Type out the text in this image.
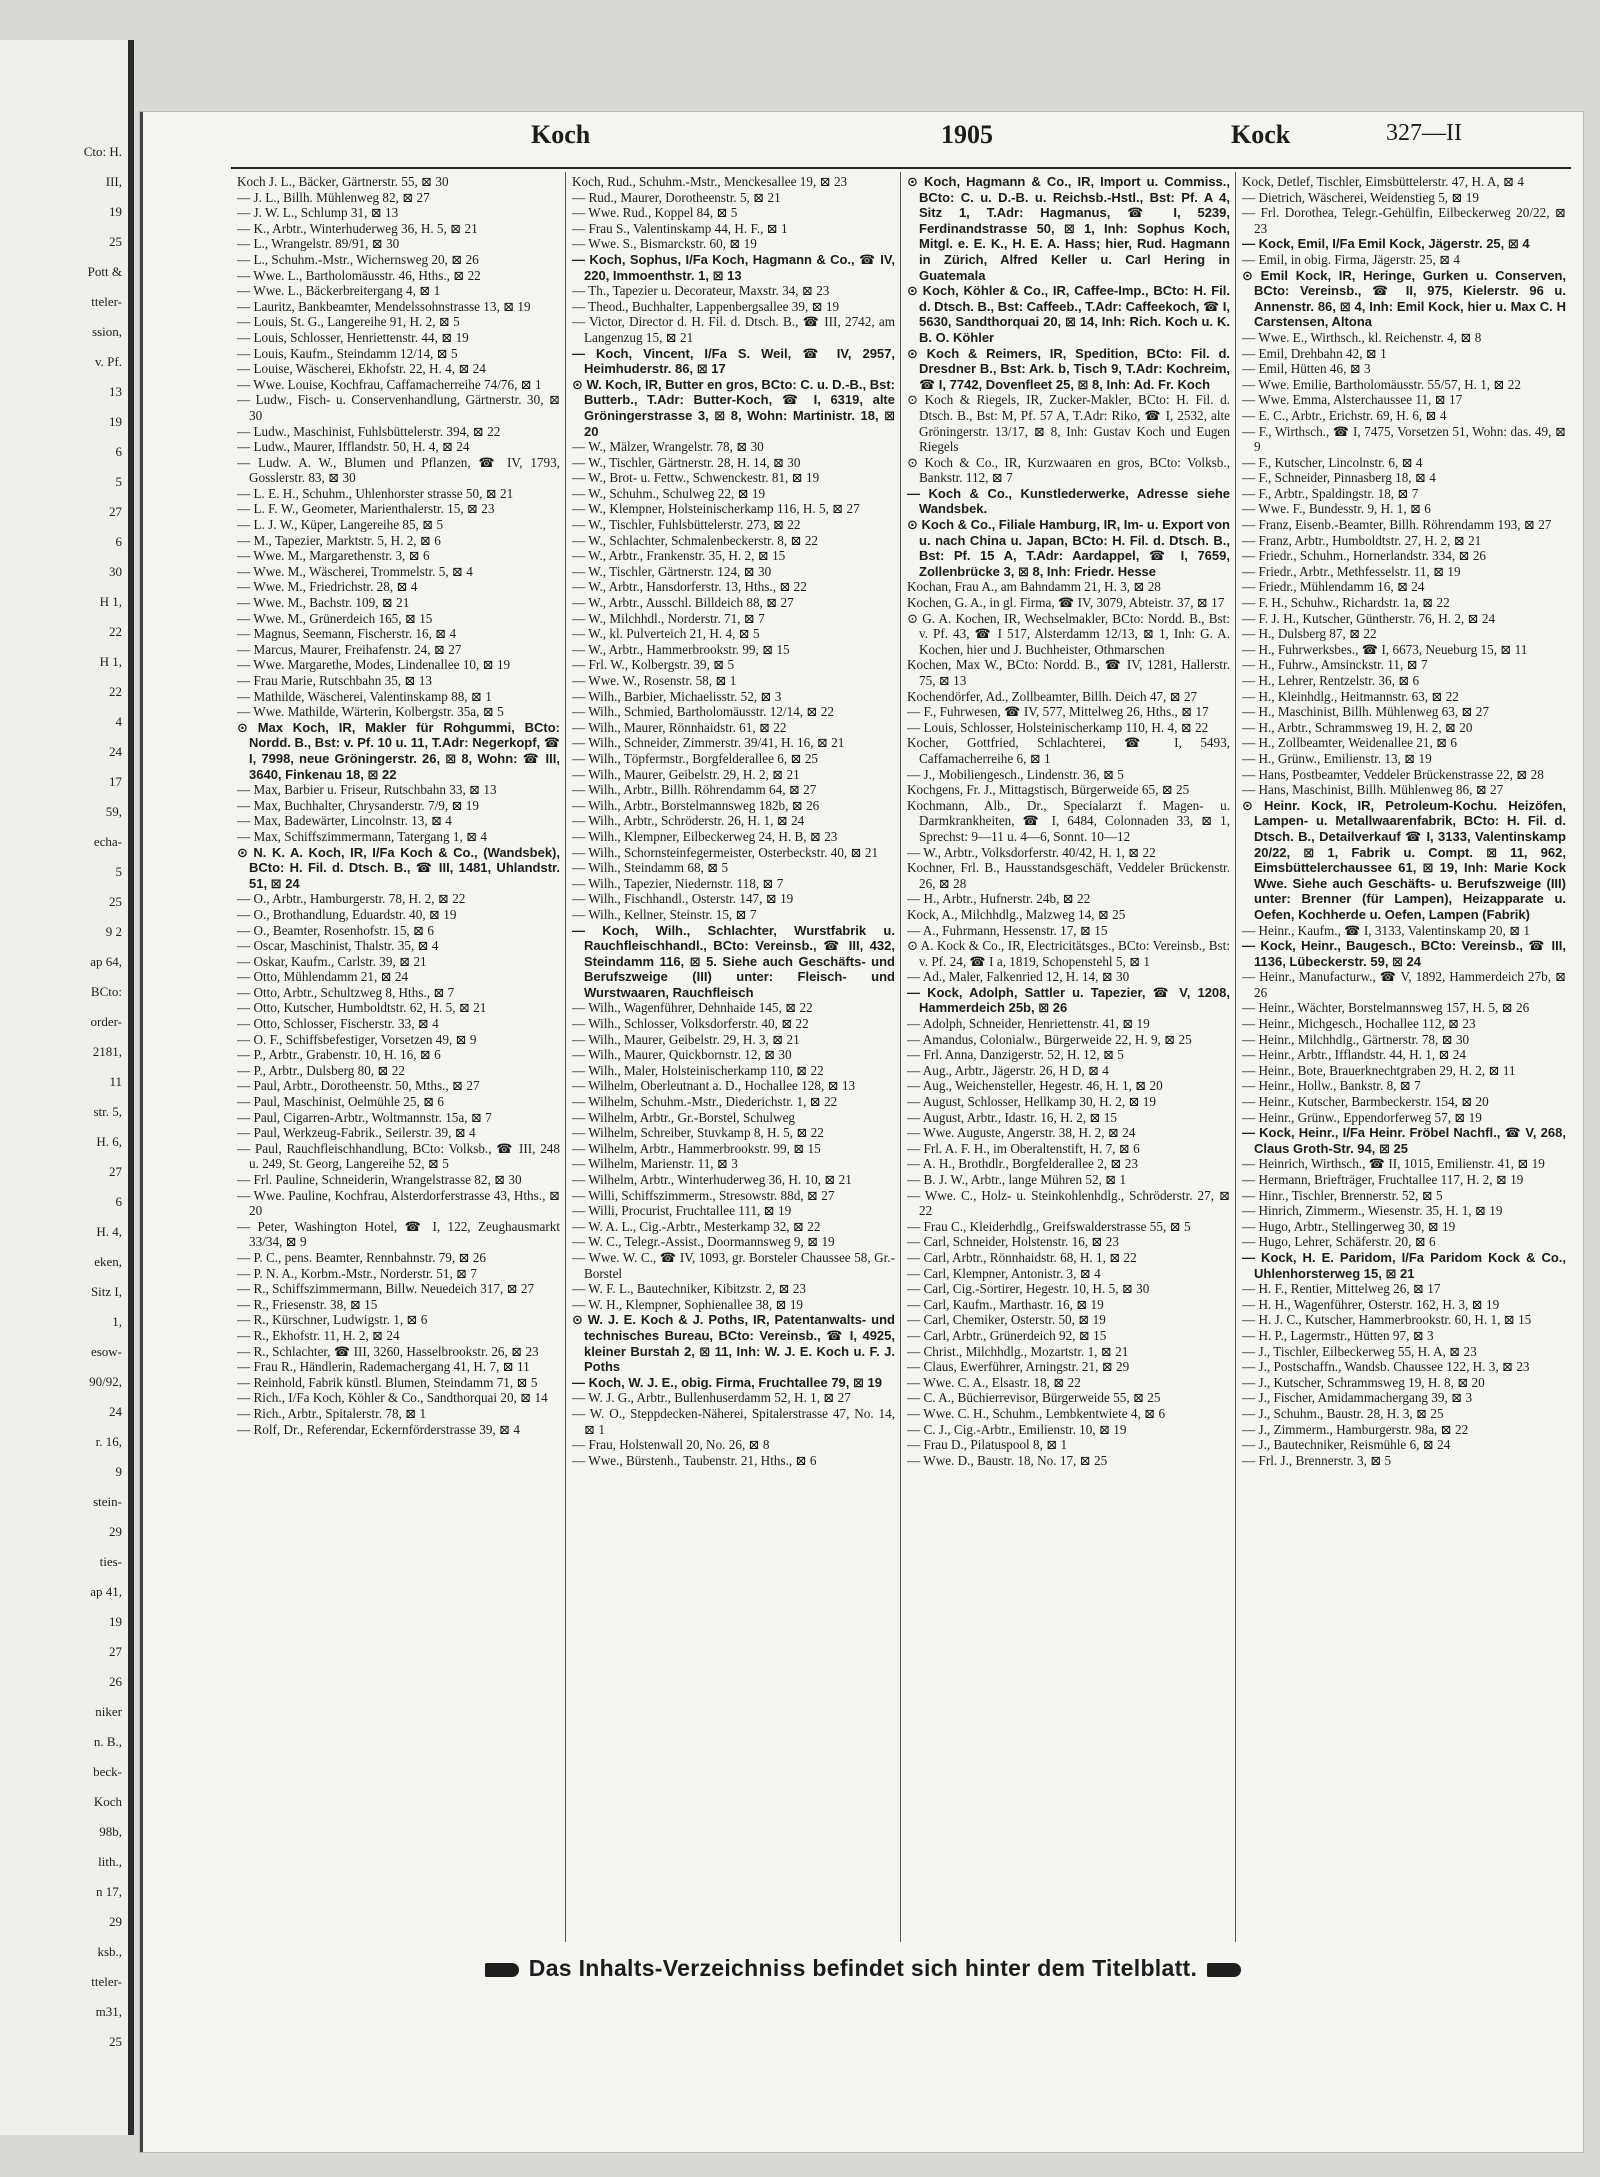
Cto: H.
III,
19
25
Pott &
tteler-
ssion,
v. Pf.
13
19
6
5
27
6
30
H 1,
22
H 1,
22
4
24
17
59,
echa-
5
25
9 2
ap 64,
BCto:
order-
2181,
11
str. 5,
H. 6,
27
6
H. 4,
eken,
Sitz I,
1,
esow-
90/92,
24
r. 16,
9
stein-
29
ties-
ap 41,
19
27
26
niker
n. B.,
beck-
Koch
98b,
lith.,
n 17,
29
ksb.,
tteler-
m31,
25
Koch	1905	Kock	327—II

Koch J. L., Bäcker, Gärtnerstr. 55, ⊠ 30

— J. L., Billh. Mühlenweg 82, ⊠ 27

— J. W. L., Schlump 31, ⊠ 13

— K., Arbtr., Winterhuderweg 36, H. 5, ⊠ 21

— L., Wrangelstr. 89/91, ⊠ 30

— L., Schuhm.-Mstr., Wichernsweg 20, ⊠ 26

— Wwe. L., Bartholomäusstr. 46, Hths., ⊠ 22

— Wwe. L., Bäckerbreitergang 4, ⊠ 1

— Lauritz, Bankbeamter, Mendelssohnstrasse 13, ⊠ 19

— Louis, St. G., Langereihe 91, H. 2, ⊠ 5

— Louis, Schlosser, Henriettenstr. 44, ⊠ 19

— Louis, Kaufm., Steindamm 12/14, ⊠ 5

— Louise, Wäscherei, Ekhofstr. 22, H. 4, ⊠ 24

— Wwe. Louise, Kochfrau, Caffamacherreihe 74/76, ⊠ 1

— Ludw., Fisch- u. Conservenhandlung, Gärtnerstr. 30, ⊠ 30

— Ludw., Maschinist, Fuhlsbüttelerstr. 394, ⊠ 22

— Ludw., Maurer, Ifflandstr. 50, H. 4, ⊠ 24

— Ludw. A. W., Blumen und Pflanzen, ☎ IV, 1793, Gosslerstr. 83, ⊠ 30

— L. E. H., Schuhm., Uhlenhorster strasse 50, ⊠ 21

— L. F. W., Geometer, Marienthalerstr. 15, ⊠ 23

— L. J. W., Küper, Langereihe 85, ⊠ 5

— M., Tapezier, Marktstr. 5, H. 2, ⊠ 6

— Wwe. M., Margarethenstr. 3, ⊠ 6

— Wwe. M., Wäscherei, Trommelstr. 5, ⊠ 4

— Wwe. M., Friedrichstr. 28, ⊠ 4

— Wwe. M., Bachstr. 109, ⊠ 21

— Wwe. M., Grünerdeich 165, ⊠ 15

— Magnus, Seemann, Fischerstr. 16, ⊠ 4

— Marcus, Maurer, Freihafenstr. 24, ⊠ 27

— Wwe. Margarethe, Modes, Lindenallee 10, ⊠ 19

— Frau Marie, Rutschbahn 35, ⊠ 13

— Mathilde, Wäscherei, Valentinskamp 88, ⊠ 1

— Wwe. Mathilde, Wärterin, Kolbergstr. 35a, ⊠ 5

⊙ Max Koch, IR, Makler für Rohgummi, BCto: Nordd. B., Bst: v. Pf. 10 u. 11, T.Adr: Negerkopf, ☎ I, 7998, neue Gröningerstr. 26, ⊠ 8, Wohn: ☎ III, 3640, Finkenau 18, ⊠ 22

— Max, Barbier u. Friseur, Rutschbahn 33, ⊠ 13

— Max, Buchhalter, Chrysanderstr. 7/9, ⊠ 19

— Max, Badewärter, Lincolnstr. 13, ⊠ 4

— Max, Schiffszimmermann, Tatergang 1, ⊠ 4

⊙ N. K. A. Koch, IR, I/Fa Koch & Co., (Wandsbek), BCto: H. Fil. d. Dtsch. B., ☎ III, 1481, Uhlandstr. 51, ⊠ 24

— O., Arbtr., Hamburgerstr. 78, H. 2, ⊠ 22

— O., Brothandlung, Eduardstr. 40, ⊠ 19

— O., Beamter, Rosenhofstr. 15, ⊠ 6

— Oscar, Maschinist, Thalstr. 35, ⊠ 4

— Oskar, Kaufm., Carlstr. 39, ⊠ 21

— Otto, Mühlendamm 21, ⊠ 24

— Otto, Arbtr., Schultzweg 8, Hths., ⊠ 7

— Otto, Kutscher, Humboldtstr. 62, H. 5, ⊠ 21

— Otto, Schlosser, Fischerstr. 33, ⊠ 4

— O. F., Schiffsbefestiger, Vorsetzen 49, ⊠ 9

— P., Arbtr., Grabenstr. 10, H. 16, ⊠ 6

— P., Arbtr., Dulsberg 80, ⊠ 22

— Paul, Arbtr., Dorotheenstr. 50, Mths., ⊠ 27

— Paul, Maschinist, Oelmühle 25, ⊠ 6

— Paul, Cigarren-Arbtr., Woltmannstr. 15a, ⊠ 7

— Paul, Werkzeug-Fabrik., Seilerstr. 39, ⊠ 4

— Paul, Rauchfleischhandlung, BCto: Volksb., ☎ III, 248 u. 249, St. Georg, Langereihe 52, ⊠ 5

— Frl. Pauline, Schneiderin, Wrangelstrasse 82, ⊠ 30

— Wwe. Pauline, Kochfrau, Alsterdorferstrasse 43, Hths., ⊠ 20

— Peter, Washington Hotel, ☎ I, 122, Zeughausmarkt 33/34, ⊠ 9

— P. C., pens. Beamter, Rennbahnstr. 79, ⊠ 26

— P. N. A., Korbm.-Mstr., Norderstr. 51, ⊠ 7

— R., Schiffszimmermann, Billw. Neuedeich 317, ⊠ 27

— R., Friesenstr. 38, ⊠ 15

— R., Kürschner, Ludwigstr. 1, ⊠ 6

— R., Ekhofstr. 11, H. 2, ⊠ 24

— R., Schlachter, ☎ III, 3260, Hasselbrookstr. 26, ⊠ 23

— Frau R., Händlerin, Rademachergang 41, H. 7, ⊠ 11

— Reinhold, Fabrik künstl. Blumen, Steindamm 71, ⊠ 5

— Rich., I/Fa Koch, Köhler & Co., Sandthorquai 20, ⊠ 14

— Rich., Arbtr., Spitalerstr. 78, ⊠ 1

— Rolf, Dr., Referendar, Eckernförderstrasse 39, ⊠ 4

Koch, Rud., Schuhm.-Mstr., Menckesallee 19, ⊠ 23

— Rud., Maurer, Dorotheenstr. 5, ⊠ 21

— Wwe. Rud., Koppel 84, ⊠ 5

— Frau S., Valentinskamp 44, H. F., ⊠ 1

— Wwe. S., Bismarckstr. 60, ⊠ 19

— Koch, Sophus, I/Fa Koch, Hagmann & Co., ☎ IV, 220, Immoenthstr. 1, ⊠ 13

— Th., Tapezier u. Decorateur, Maxstr. 34, ⊠ 23

— Theod., Buchhalter, Lappenbergsallee 39, ⊠ 19

— Victor, Director d. H. Fil. d. Dtsch. B., ☎ III, 2742, am Langenzug 15, ⊠ 21

— Koch, Vincent, I/Fa S. Weil, ☎ IV, 2957, Heimhuderstr. 86, ⊠ 17

⊙ W. Koch, IR, Butter en gros, BCto: C. u. D.-B., Bst: Butterb., T.Adr: Butter-Koch, ☎ I, 6319, alte Gröningerstrasse 3, ⊠ 8, Wohn: Martinistr. 18, ⊠ 20

— W., Mälzer, Wrangelstr. 78, ⊠ 30

— W., Tischler, Gärtnerstr. 28, H. 14, ⊠ 30

— W., Brot- u. Fettw., Schwenckestr. 81, ⊠ 19

— W., Schuhm., Schulweg 22, ⊠ 19

— W., Klempner, Holsteinischerkamp 116, H. 5, ⊠ 27

— W., Tischler, Fuhlsbüttelerstr. 273, ⊠ 22

— W., Schlachter, Schmalenbeckerstr. 8, ⊠ 22

— W., Arbtr., Frankenstr. 35, H. 2, ⊠ 15

— W., Tischler, Gärtnerstr. 124, ⊠ 30

— W., Arbtr., Hansdorferstr. 13, Hths., ⊠ 22

— W., Arbtr., Ausschl. Billdeich 88, ⊠ 27

— W., Milchhdl., Norderstr. 71, ⊠ 7

— W., kl. Pulverteich 21, H. 4, ⊠ 5

— W., Arbtr., Hammerbrookstr. 99, ⊠ 15

— Frl. W., Kolbergstr. 39, ⊠ 5

— Wwe. W., Rosenstr. 58, ⊠ 1

— Wilh., Barbier, Michaelisstr. 52, ⊠ 3

— Wilh., Schmied, Bartholomäusstr. 12/14, ⊠ 22

— Wilh., Maurer, Rönnhaidstr. 61, ⊠ 22

— Wilh., Schneider, Zimmerstr. 39/41, H. 16, ⊠ 21

— Wilh., Töpfermstr., Borgfelderallee 6, ⊠ 25

— Wilh., Maurer, Geibelstr. 29, H. 2, ⊠ 21

— Wilh., Arbtr., Billh. Röhrendamm 64, ⊠ 27

— Wilh., Arbtr., Borstelmannsweg 182b, ⊠ 26

— Wilh., Arbtr., Schröderstr. 26, H. 1, ⊠ 24

— Wilh., Klempner, Eilbeckerweg 24, H. B, ⊠ 23

— Wilh., Schornsteinfegermeister, Osterbeckstr. 40, ⊠ 21

— Wilh., Steindamm 68, ⊠ 5

— Wilh., Tapezier, Niedernstr. 118, ⊠ 7

— Wilh., Fischhandl., Osterstr. 147, ⊠ 19

— Wilh., Kellner, Steinstr. 15, ⊠ 7

— Koch, Wilh., Schlachter, Wurstfabrik u. Rauchfleischhandl., BCto: Vereinsb., ☎ III, 432, Steindamm 116, ⊠ 5. Siehe auch Geschäfts- und Berufszweige (III) unter: Fleisch- und Wurstwaaren, Rauchfleisch

— Wilh., Wagenführer, Dehnhaide 145, ⊠ 22

— Wilh., Schlosser, Volksdorferstr. 40, ⊠ 22

— Wilh., Maurer, Geibelstr. 29, H. 3, ⊠ 21

— Wilh., Maurer, Quickbornstr. 12, ⊠ 30

— Wilh., Maler, Holsteinischerkamp 110, ⊠ 22

— Wilhelm, Oberleutnant a. D., Hochallee 128, ⊠ 13

— Wilhelm, Schuhm.-Mstr., Diederichstr. 1, ⊠ 22

— Wilhelm, Arbtr., Gr.-Borstel, Schulweg

— Wilhelm, Schreiber, Stuvkamp 8, H. 5, ⊠ 22

— Wilhelm, Arbtr., Hammerbrookstr. 99, ⊠ 15

— Wilhelm, Marienstr. 11, ⊠ 3

— Wilhelm, Arbtr., Winterhuderweg 36, H. 10, ⊠ 21

— Willi, Schiffszimmerm., Stresowstr. 88d, ⊠ 27

— Willi, Procurist, Fruchtallee 111, ⊠ 19

— W. A. L., Cig.-Arbtr., Mesterkamp 32, ⊠ 22

— W. C., Telegr.-Assist., Doormannsweg 9, ⊠ 19

— Wwe. W. C., ☎ IV, 1093, gr. Borsteler Chaussee 58, Gr.-Borstel

— W. F. L., Bautechniker, Kibitzstr. 2, ⊠ 23

— W. H., Klempner, Sophienallee 38, ⊠ 19

⊙ W. J. E. Koch & J. Poths, IR, Patentanwalts- und technisches Bureau, BCto: Vereinsb., ☎ I, 4925, kleiner Burstah 2, ⊠ 11, Inh: W. J. E. Koch u. F. J. Poths

— Koch, W. J. E., obig. Firma, Fruchtallee 79, ⊠ 19

— W. J. G., Arbtr., Bullenhuserdamm 52, H. 1, ⊠ 27

— W. O., Steppdecken-Näherei, Spitalerstrasse 47, No. 14, ⊠ 1

— Frau, Holstenwall 20, No. 26, ⊠ 8

— Wwe., Bürstenh., Taubenstr. 21, Hths., ⊠ 6

⊙ Koch, Hagmann & Co., IR, Import u. Commiss., BCto: C. u. D.-B. u. Reichsb.-Hstl., Bst: Pf. A 4, Sitz 1, T.Adr: Hagmanus, ☎ I, 5239, Ferdinandstrasse 50, ⊠ 1, Inh: Sophus Koch, Mitgl. e. E. K., H. E. A. Hass; hier, Rud. Hagmann in Zürich, Alfred Keller u. Carl Hering in Guatemala

⊙ Koch, Köhler & Co., IR, Caffee-Imp., BCto: H. Fil. d. Dtsch. B., Bst: Caffeeb., T.Adr: Caffeekoch, ☎ I, 5630, Sandthorquai 20, ⊠ 14, Inh: Rich. Koch u. K. B. O. Köhler

⊙ Koch & Reimers, IR, Spedition, BCto: Fil. d. Dresdner B., Bst: Ark. b, Tisch 9, T.Adr: Kochreim, ☎ I, 7742, Dovenfleet 25, ⊠ 8, Inh: Ad. Fr. Koch

⊙ Koch & Riegels, IR, Zucker-Makler, BCto: H. Fil. d. Dtsch. B., Bst: M, Pf. 57 A, T.Adr: Riko, ☎ I, 2532, alte Gröningerstr. 13/17, ⊠ 8, Inh: Gustav Koch und Eugen Riegels

⊙ Koch & Co., IR, Kurzwaaren en gros, BCto: Volksb., Bankstr. 112, ⊠ 7

— Koch & Co., Kunstlederwerke, Adresse siehe Wandsbek.

⊙ Koch & Co., Filiale Hamburg, IR, Im- u. Export von u. nach China u. Japan, BCto: H. Fil. d. Dtsch. B., Bst: Pf. 15 A, T.Adr: Aardappel, ☎ I, 7659, Zollenbrücke 3, ⊠ 8, Inh: Friedr. Hesse

Kochan, Frau A., am Bahndamm 21, H. 3, ⊠ 28

Kochen, G. A., in gl. Firma, ☎ IV, 3079, Abteistr. 37, ⊠ 17

⊙ G. A. Kochen, IR, Wechselmakler, BCto: Nordd. B., Bst: v. Pf. 43, ☎ I 517, Alsterdamm 12/13, ⊠ 1, Inh: G. A. Kochen, hier und J. Buchheister, Othmarschen

Kochen, Max W., BCto: Nordd. B., ☎ IV, 1281, Hallerstr. 75, ⊠ 13

Kochendörfer, Ad., Zollbeamter, Billh. Deich 47, ⊠ 27

— F., Fuhrwesen, ☎ IV, 577, Mittelweg 26, Hths., ⊠ 17

— Louis, Schlosser, Holsteinischerkamp 110, H. 4, ⊠ 22

Kocher, Gottfried, Schlachterei, ☎ I, 5493, Caffamacherreihe 6, ⊠ 1

— J., Mobiliengesch., Lindenstr. 36, ⊠ 5

Kochgens, Fr. J., Mittagstisch, Bürgerweide 65, ⊠ 25

Kochmann, Alb., Dr., Specialarzt f. Magen- u. Darmkrankheiten, ☎ I, 6484, Colonnaden 33, ⊠ 1, Sprechst: 9—11 u. 4—6, Sonnt. 10—12

— W., Arbtr., Volksdorferstr. 40/42, H. 1, ⊠ 22

Kochner, Frl. B., Hausstandsgeschäft, Veddeler Brückenstr. 26, ⊠ 28

— H., Arbtr., Hufnerstr. 24b, ⊠ 22

Kock, A., Milchhdlg., Malzweg 14, ⊠ 25

— A., Fuhrmann, Hessenstr. 17, ⊠ 15

⊙ A. Kock & Co., IR, Electricitätsges., BCto: Vereinsb., Bst: v. Pf. 24, ☎ I a, 1819, Schopenstehl 5, ⊠ 1

— Ad., Maler, Falkenried 12, H. 14, ⊠ 30

— Kock, Adolph, Sattler u. Tapezier, ☎ V, 1208, Hammerdeich 25b, ⊠ 26

— Adolph, Schneider, Henriettenstr. 41, ⊠ 19

— Amandus, Colonialw., Bürgerweide 22, H. 9, ⊠ 25

— Frl. Anna, Danzigerstr. 52, H. 12, ⊠ 5

— Aug., Arbtr., Jägerstr. 26, H D, ⊠ 4

— Aug., Weichensteller, Hegestr. 46, H. 1, ⊠ 20

— August, Schlosser, Hellkamp 30, H. 2, ⊠ 19

— August, Arbtr., Idastr. 16, H. 2, ⊠ 15

— Wwe. Auguste, Angerstr. 38, H. 2, ⊠ 24

— Frl. A. F. H., im Oberaltenstift, H. 7, ⊠ 6

— A. H., Brothdlr., Borgfelderallee 2, ⊠ 23

— B. J. W., Arbtr., lange Mühren 52, ⊠ 1

— Wwe. C., Holz- u. Steinkohlenhdlg., Schröderstr. 27, ⊠ 22

— Frau C., Kleiderhdlg., Greifswalderstrasse 55, ⊠ 5

— Carl, Schneider, Holstenstr. 16, ⊠ 23

— Carl, Arbtr., Rönnhaidstr. 68, H. 1, ⊠ 22

— Carl, Klempner, Antonistr. 3, ⊠ 4

— Carl, Cig.-Sortirer, Hegestr. 10, H. 5, ⊠ 30

— Carl, Kaufm., Marthastr. 16, ⊠ 19

— Carl, Chemiker, Osterstr. 50, ⊠ 19

— Carl, Arbtr., Grünerdeich 92, ⊠ 15

— Christ., Milchhdlg., Mozartstr. 1, ⊠ 21

— Claus, Ewerführer, Arningstr. 21, ⊠ 29

— Wwe. C. A., Elsastr. 18, ⊠ 22

— C. A., Büchierrevisor, Bürgerweide 55, ⊠ 25

— Wwe. C. H., Schuhm., Lembkentwiete 4, ⊠ 6

— C. J., Cig.-Arbtr., Emilienstr. 10, ⊠ 19

— Frau D., Pilatuspool 8, ⊠ 1

— Wwe. D., Baustr. 18, No. 17, ⊠ 25

Kock, Detlef, Tischler, Eimsbüttelerstr. 47, H. A, ⊠ 4

— Dietrich, Wäscherei, Weidenstieg 5, ⊠ 19

— Frl. Dorothea, Telegr.-Gehülfin, Eilbeckerweg 20/22, ⊠ 23

— Kock, Emil, I/Fa Emil Kock, Jägerstr. 25, ⊠ 4

— Emil, in obig. Firma, Jägerstr. 25, ⊠ 4

⊙ Emil Kock, IR, Heringe, Gurken u. Conserven, BCto: Vereinsb., ☎ II, 975, Kielerstr. 96 u. Annenstr. 86, ⊠ 4, Inh: Emil Kock, hier u. Max C. H Carstensen, Altona

— Wwe. E., Wirthsch., kl. Reichenstr. 4, ⊠ 8

— Emil, Drehbahn 42, ⊠ 1

— Emil, Hütten 46, ⊠ 3

— Wwe. Emilie, Bartholomäusstr. 55/57, H. 1, ⊠ 22

— Wwe. Emma, Alsterchaussee 11, ⊠ 17

— E. C., Arbtr., Erichstr. 69, H. 6, ⊠ 4

— F., Wirthsch., ☎ I, 7475, Vorsetzen 51, Wohn: das. 49, ⊠ 9

— F., Kutscher, Lincolnstr. 6, ⊠ 4

— F., Schneider, Pinnasberg 18, ⊠ 4

— F., Arbtr., Spaldingstr. 18, ⊠ 7

— Wwe. F., Bundesstr. 9, H. 1, ⊠ 6

— Franz, Eisenb.-Beamter, Billh. Röhrendamm 193, ⊠ 27

— Franz, Arbtr., Humboldtstr. 27, H. 2, ⊠ 21

— Friedr., Schuhm., Hornerlandstr. 334, ⊠ 26

— Friedr., Arbtr., Methfesselstr. 11, ⊠ 19

— Friedr., Mühlendamm 16, ⊠ 24

— F. H., Schuhw., Richardstr. 1a, ⊠ 22

— F. J. H., Kutscher, Güntherstr. 76, H. 2, ⊠ 24

— H., Dulsberg 87, ⊠ 22

— H., Fuhrwerksbes., ☎ I, 6673, Neueburg 15, ⊠ 11

— H., Fuhrw., Amsinckstr. 11, ⊠ 7

— H., Lehrer, Rentzelstr. 36, ⊠ 6

— H., Kleinhdlg., Heitmannstr. 63, ⊠ 22

— H., Maschinist, Billh. Mühlenweg 63, ⊠ 27

— H., Arbtr., Schrammsweg 19, H. 2, ⊠ 20

— H., Zollbeamter, Weidenallee 21, ⊠ 6

— H., Grünw., Emilienstr. 13, ⊠ 19

— Hans, Postbeamter, Veddeler Brückenstrasse 22, ⊠ 28

— Hans, Maschinist, Billh. Mühlenweg 86, ⊠ 27

⊙ Heinr. Kock, IR, Petroleum-Kochu. Heizöfen, Lampen- u. Metallwaarenfabrik, BCto: H. Fil. d. Dtsch. B., Detailverkauf ☎ I, 3133, Valentinskamp 20/22, ⊠ 1, Fabrik u. Compt. ⊠ 11, 962, Eimsbüttelerchaussee 61, ⊠ 19, Inh: Marie Kock Wwe. Siehe auch Geschäfts- u. Berufszweige (III) unter: Brenner (für Lampen), Heizapparate u. Oefen, Kochherde u. Oefen, Lampen (Fabrik)

— Heinr., Kaufm., ☎ I, 3133, Valentinskamp 20, ⊠ 1

— Kock, Heinr., Baugesch., BCto: Vereinsb., ☎ III, 1136, Lübeckerstr. 59, ⊠ 24

— Heinr., Manufacturw., ☎ V, 1892, Hammerdeich 27b, ⊠ 26

— Heinr., Wächter, Borstelmannsweg 157, H. 5, ⊠ 26

— Heinr., Michgesch., Hochallee 112, ⊠ 23

— Heinr., Milchhdlg., Gärtnerstr. 78, ⊠ 30

— Heinr., Arbtr., Ifflandstr. 44, H. 1, ⊠ 24

— Heinr., Bote, Brauerknechtgraben 29, H. 2, ⊠ 11

— Heinr., Hollw., Bankstr. 8, ⊠ 7

— Heinr., Kutscher, Barmbeckerstr. 154, ⊠ 20

— Heinr., Grünw., Eppendorferweg 57, ⊠ 19

— Kock, Heinr., I/Fa Heinr. Fröbel Nachfl., ☎ V, 268, Claus Groth-Str. 94, ⊠ 25

— Heinrich, Wirthsch., ☎ II, 1015, Emilienstr. 41, ⊠ 19

— Hermann, Briefträger, Fruchtallee 117, H. 2, ⊠ 19

— Hinr., Tischler, Brennerstr. 52, ⊠ 5

— Hinrich, Zimmerm., Wiesenstr. 35, H. 1, ⊠ 19

— Hugo, Arbtr., Stellingerweg 30, ⊠ 19

— Hugo, Lehrer, Schäferstr. 20, ⊠ 6

— Kock, H. E. Paridom, I/Fa Paridom Kock & Co., Uhlenhorsterweg 15, ⊠ 21

— H. F., Rentier, Mittelweg 26, ⊠ 17

— H. H., Wagenführer, Osterstr. 162, H. 3, ⊠ 19

— H. J. C., Kutscher, Hammerbrookstr. 60, H. 1, ⊠ 15

— H. P., Lagermstr., Hütten 97, ⊠ 3

— J., Tischler, Eilbeckerweg 55, H. A, ⊠ 23

— J., Postschaffn., Wandsb. Chaussee 122, H. 3, ⊠ 23

— J., Kutscher, Schrammsweg 19, H. 8, ⊠ 20

— J., Fischer, Amidammachergang 39, ⊠ 3

— J., Schuhm., Baustr. 28, H. 3, ⊠ 25

— J., Zimmerm., Hamburgerstr. 98a, ⊠ 22

— J., Bautechniker, Reismühle 6, ⊠ 24

— Frl. J., Brennerstr. 3, ⊠ 5

Das Inhalts-Verzeichniss befindet sich hinter dem Titelblatt.
